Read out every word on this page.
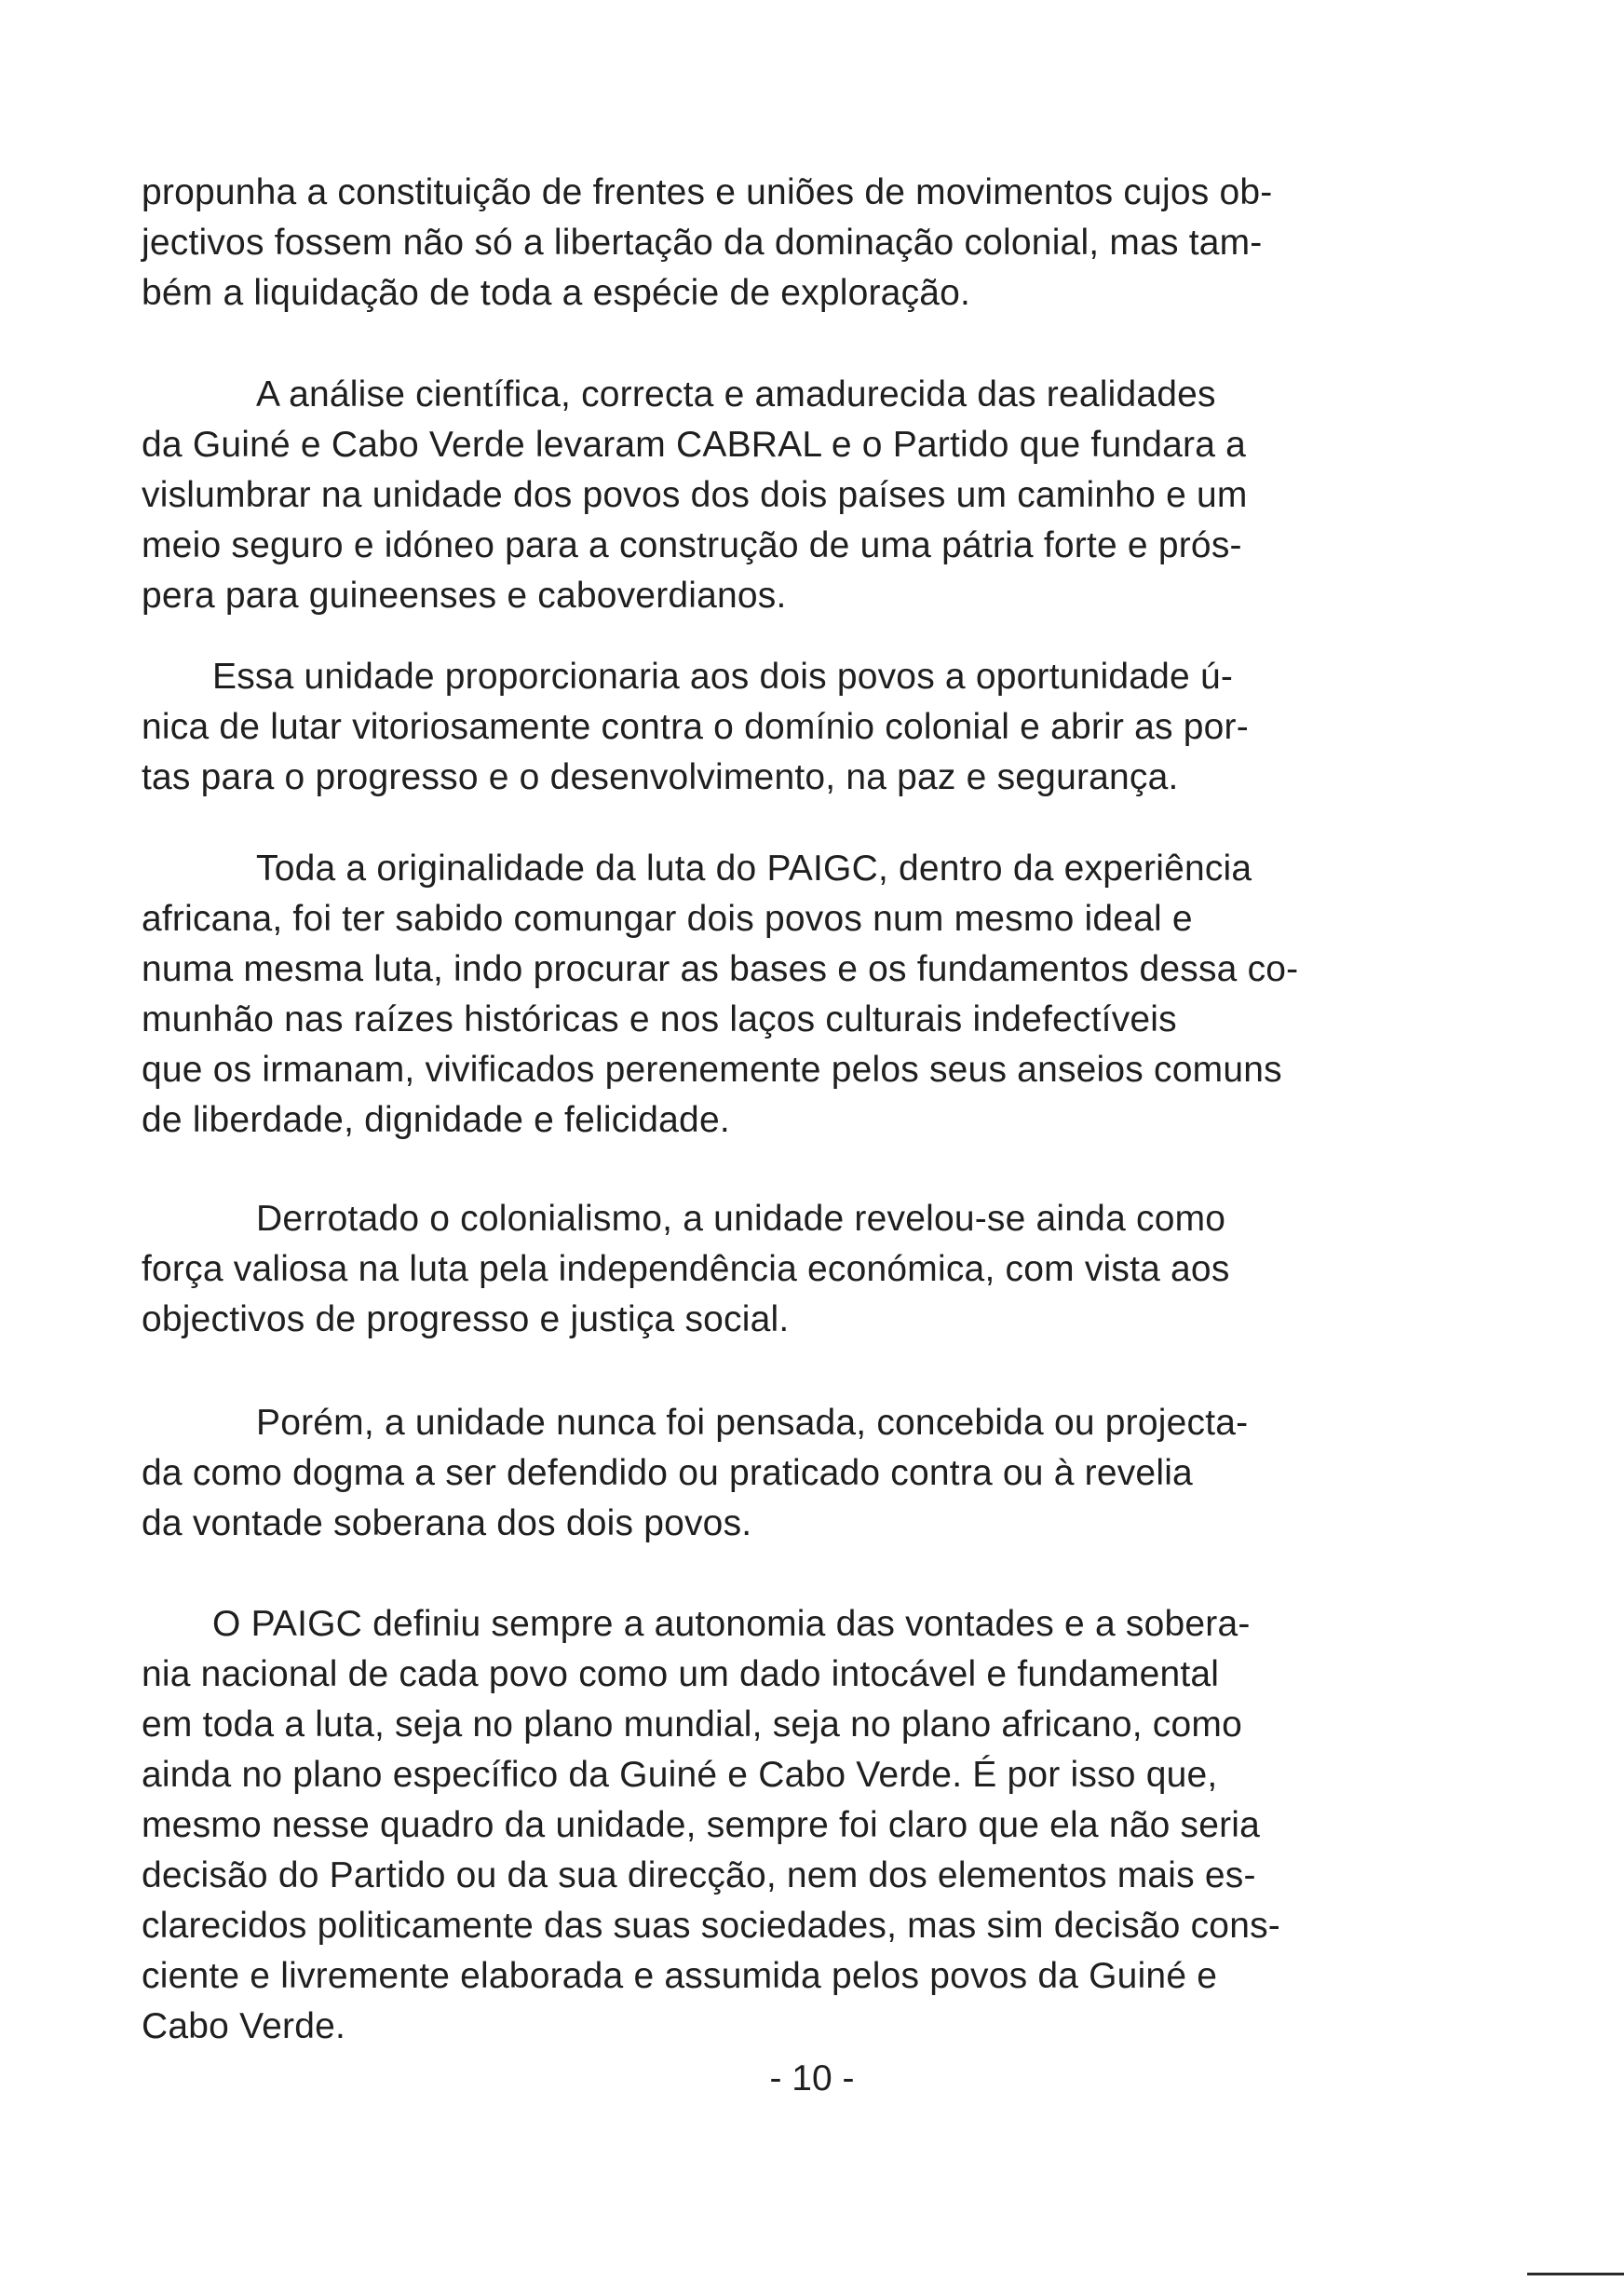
propunha a constituição de frentes e uniões de movimentos cujos ob-
jectivos fossem não só a libertação da dominação colonial, mas tam-
bém a liquidação de toda a espécie de exploração.
A análise científica, correcta e amadurecida das realidades
da Guiné e Cabo Verde levaram CABRAL e o Partido que fundara a
vislumbrar na unidade dos povos dos dois países um caminho e um
meio seguro e idóneo para a construção de uma pátria forte e prós-
pera para guineenses e caboverdianos.
Essa unidade proporcionaria aos dois povos a oportunidade ú-
nica de lutar vitoriosamente contra o domínio colonial e abrir as por-
tas para o progresso e o desenvolvimento, na paz e segurança.
Toda a originalidade da luta do PAIGC, dentro da experiência
africana, foi ter sabido comungar dois povos num mesmo ideal e
numa mesma luta, indo procurar as bases e os fundamentos dessa co-
munhão nas raízes históricas e nos laços culturais indefectíveis
que os irmanam, vivificados perenemente pelos seus anseios comuns
de liberdade, dignidade e felicidade.
Derrotado o colonialismo, a unidade revelou-se ainda como
força valiosa na luta pela independência económica, com vista aos
objectivos de progresso e justiça social.
Porém, a unidade nunca foi pensada, concebida ou projecta-
da como dogma a ser defendido ou praticado contra ou à revelia
da vontade soberana dos dois povos.
O PAIGC definiu sempre a autonomia das vontades e a sobera-
nia nacional de cada povo como um dado intocável e fundamental
em toda a luta, seja no plano mundial, seja no plano africano, como
ainda no plano específico da Guiné e Cabo Verde. É por isso que,
mesmo nesse quadro da unidade, sempre foi claro que ela não seria
decisão do Partido ou da sua direcção, nem dos elementos mais es-
clarecidos politicamente das suas sociedades, mas sim decisão cons-
ciente e livremente elaborada e assumida pelos povos da Guiné e
Cabo Verde.
- 10 -
